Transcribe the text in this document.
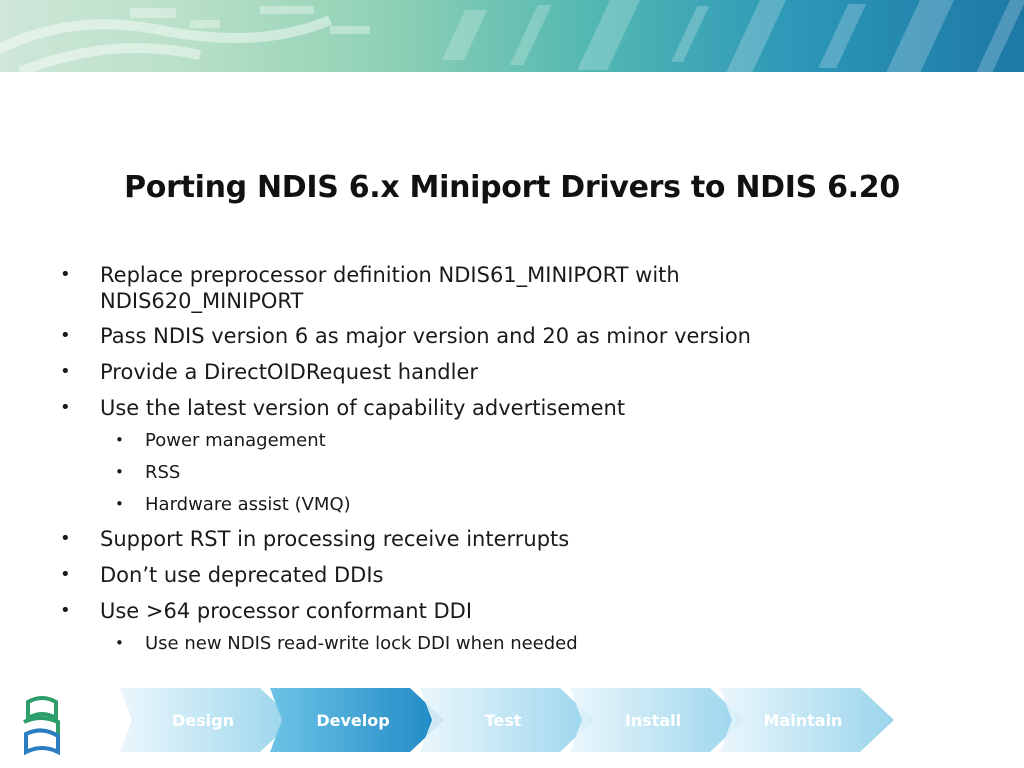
Porting NDIS 6.x Miniport Drivers to NDIS 6.20
• Replace preprocessor definition NDIS61_MINIPORT with
NDIS620_MINIPORT
• Pass NDIS version 6 as major version and 20 as minor version
• Provide a DirectOIDRequest handler
• Use the latest version of capability advertisement
• Power management
• RSS
• Hardware assist (VMQ)
• Support RST in processing receive interrupts
• Don’t use deprecated DDIs
• Use >64 processor conformant DDI
• Use new NDIS read-write lock DDI when needed
Design	Develop	Test	Install	Maintain
